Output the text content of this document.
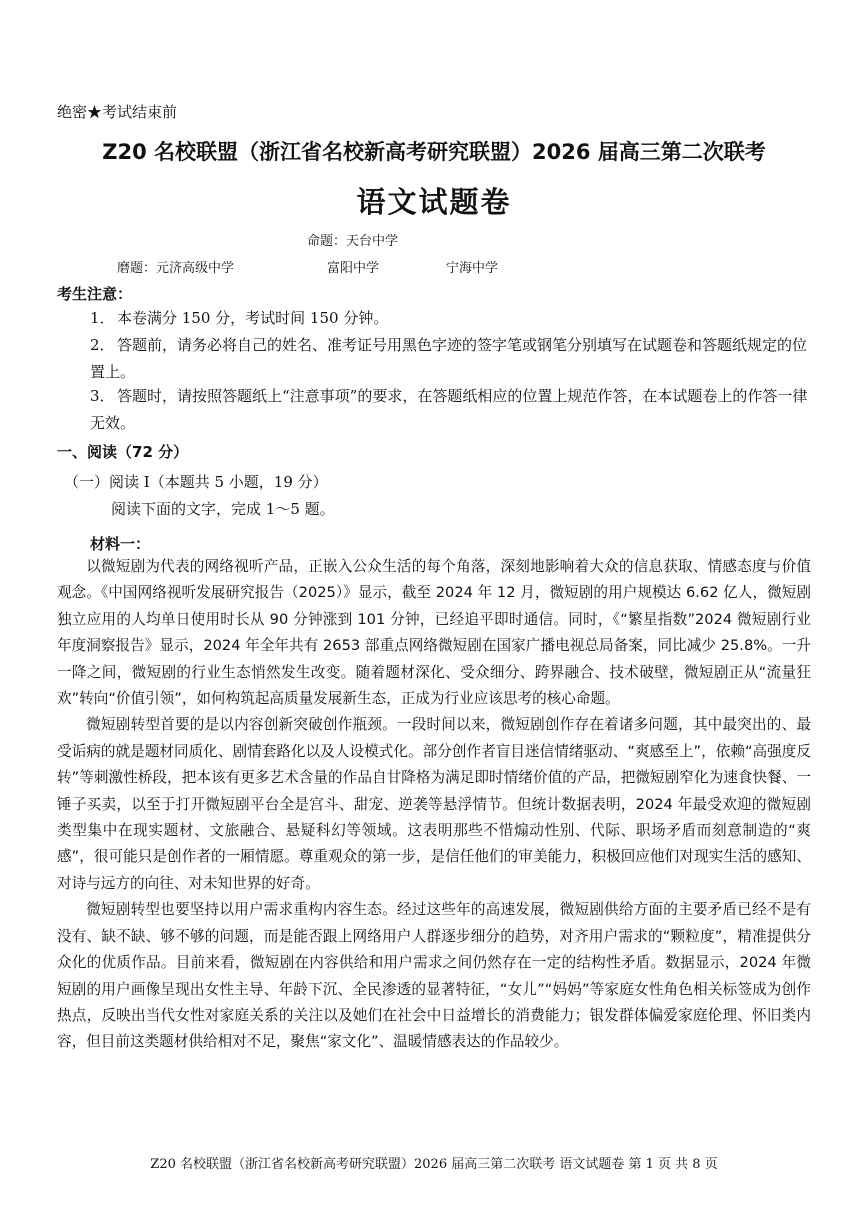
绝密★考试结束前
Z20 名校联盟（浙江省名校新高考研究联盟）2026 届高三第二次联考
语文试题卷
命题：天台中学
磨题：元济高级中学	富阳中学	宁海中学
考生注意：
1． 本卷满分 150 分，考试时间 150 分钟。
2． 答题前，请务必将自己的姓名、准考证号用黑色字迹的签字笔或钢笔分别填写在试题卷和答题纸规定的位置上。
3． 答题时，请按照答题纸上“注意事项”的要求，在答题纸相应的位置上规范作答，在本试题卷上的作答一律无效。
一、阅读（72 分）
（一）阅读 I（本题共 5 小题，19 分）
阅读下面的文字，完成 1～5 题。
材料一：

以微短剧为代表的网络视听产品，正嵌入公众生活的每个角落，深刻地影响着大众的信息获取、情感态度与价值观念。《中国网络视听发展研究报告（2025）》显示，截至 2024 年 12 月，微短剧的用户规模达 6.62 亿人，微短剧独立应用的人均单日使用时长从 90 分钟涨到 101 分钟，已经追平即时通信。同时，《“繁星指数”2024 微短剧行业年度洞察报告》显示，2024 年全年共有 2653 部重点网络微短剧在国家广播电视总局备案，同比减少 25.8%。一升一降之间，微短剧的行业生态悄然发生改变。随着题材深化、受众细分、跨界融合、技术破壁，微短剧正从“流量狂欢”转向“价值引领”，如何构筑起高质量发展新生态，正成为行业应该思考的核心命题。

微短剧转型首要的是以内容创新突破创作瓶颈。一段时间以来，微短剧创作存在着诸多问题，其中最突出的、最受诟病的就是题材同质化、剧情套路化以及人设模式化。部分创作者盲目迷信情绪驱动、“爽感至上”，依赖“高强度反转”等刺激性桥段，把本该有更多艺术含量的作品自甘降格为满足即时情绪价值的产品，把微短剧窄化为速食快餐、一锤子买卖，以至于打开微短剧平台全是宫斗、甜宠、逆袭等悬浮情节。但统计数据表明，2024 年最受欢迎的微短剧类型集中在现实题材、文旅融合、悬疑科幻等领域。这表明那些不惜煽动性别、代际、职场矛盾而刻意制造的“爽感”，很可能只是创作者的一厢情愿。尊重观众的第一步，是信任他们的审美能力，积极回应他们对现实生活的感知、对诗与远方的向往、对未知世界的好奇。

微短剧转型也要坚持以用户需求重构内容生态。经过这些年的高速发展，微短剧供给方面的主要矛盾已经不是有没有、缺不缺、够不够的问题，而是能否跟上网络用户人群逐步细分的趋势，对齐用户需求的“颗粒度”，精准提供分众化的优质作品。目前来看，微短剧在内容供给和用户需求之间仍然存在一定的结构性矛盾。数据显示，2024 年微短剧的用户画像呈现出女性主导、年龄下沉、全民渗透的显著特征，“女儿”“妈妈”等家庭女性角色相关标签成为创作热点，反映出当代女性对家庭关系的关注以及她们在社会中日益增长的消费能力；银发群体偏爱家庭伦理、怀旧类内容，但目前这类题材供给相对不足，聚焦“家文化”、温暖情感表达的作品较少。

Z20 名校联盟（浙江省名校新高考研究联盟）2026 届高三第二次联考 语文试题卷 第 1 页 共 8 页
